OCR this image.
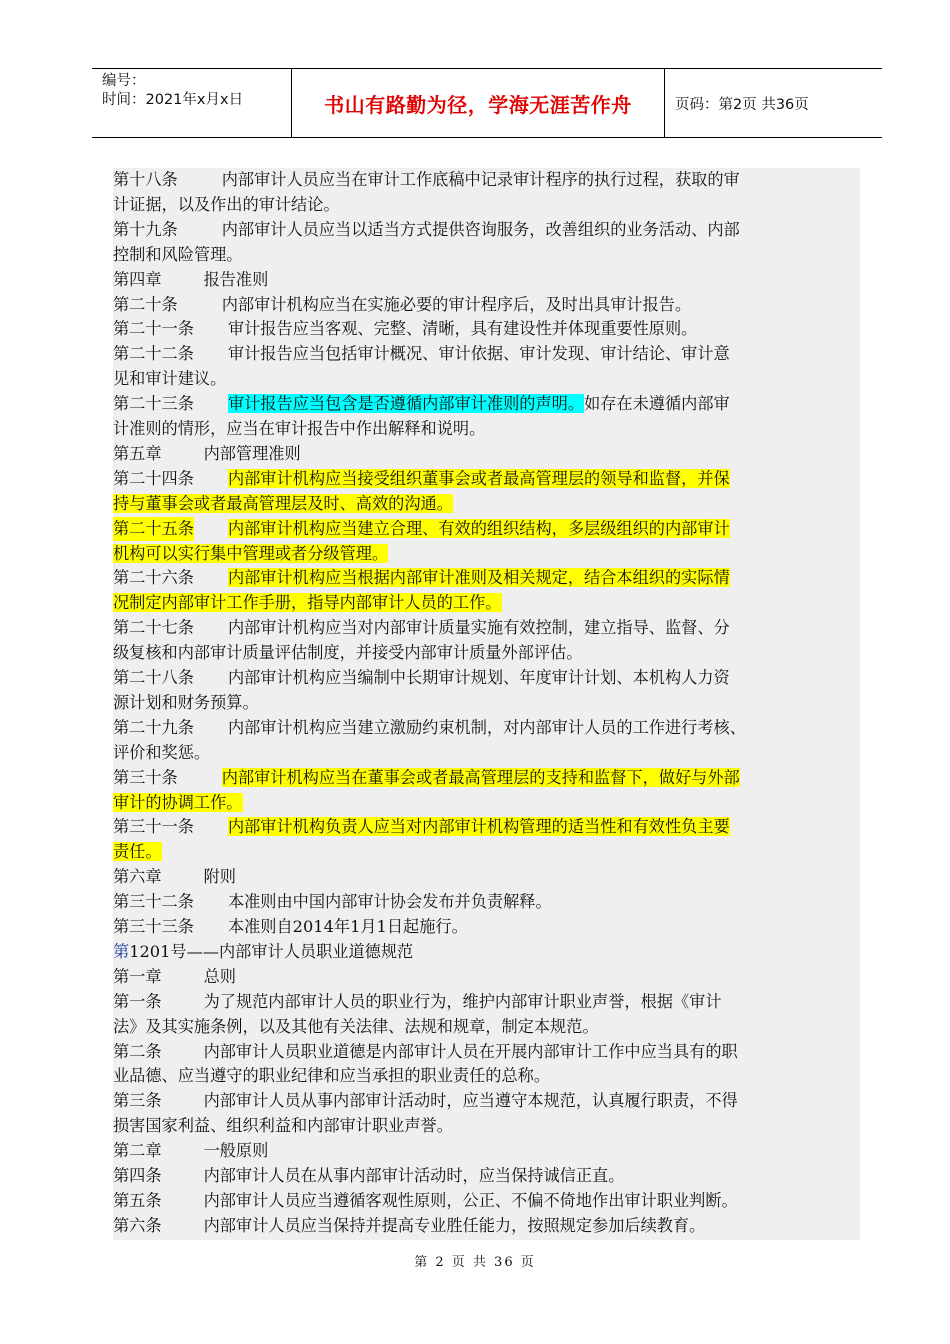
编号：
时间：2021年x月x日	书山有路勤为径，学海无涯苦作舟	页码：第2页 共36页
第十八条	内部审计人员应当在审计工作底稿中记录审计程序的执行过程，获取的审
计证据，以及作出的审计结论。
第十九条	内部审计人员应当以适当方式提供咨询服务，改善组织的业务活动、内部
控制和风险管理。
第四章	报告准则
第二十条	内部审计机构应当在实施必要的审计程序后，及时出具审计报告。
第二十一条 审计报告应当客观、完整、清晰，具有建设性并体现重要性原则。
第二十二条 审计报告应当包括审计概况、审计依据、审计发现、审计结论、审计意
见和审计建议。
第二十三条 审计报告应当包含是否遵循内部审计准则的声明。如存在未遵循内部审
计准则的情形，应当在审计报告中作出解释和说明。
第五章	内部管理准则
第二十四条 内部审计机构应当接受组织董事会或者最高管理层的领导和监督，并保
持与董事会或者最高管理层及时、高效的沟通。
第二十五条 内部审计机构应当建立合理、有效的组织结构，多层级组织的内部审计
机构可以实行集中管理或者分级管理。
第二十六条 内部审计机构应当根据内部审计准则及相关规定，结合本组织的实际情
况制定内部审计工作手册，指导内部审计人员的工作。
第二十七条 内部审计机构应当对内部审计质量实施有效控制，建立指导、监督、分
级复核和内部审计质量评估制度，并接受内部审计质量外部评估。
第二十八条 内部审计机构应当编制中长期审计规划、年度审计计划、本机构人力资
源计划和财务预算。
第二十九条 内部审计机构应当建立激励约束机制，对内部审计人员的工作进行考核、
评价和奖惩。
第三十条	内部审计机构应当在董事会或者最高管理层的支持和监督下，做好与外部
审计的协调工作。
第三十一条 内部审计机构负责人应当对内部审计机构管理的适当性和有效性负主要
责任。
第六章	附则
第三十二条 本准则由中国内部审计协会发布并负责解释。
第三十三条 本准则自2014年1月1日起施行。
第1201号——内部审计人员职业道德规范
第一章	总则
第一条	为了规范内部审计人员的职业行为，维护内部审计职业声誉，根据《审计
法》及其实施条例，以及其他有关法律、法规和规章，制定本规范。
第二条	内部审计人员职业道德是内部审计人员在开展内部审计工作中应当具有的职
业品德、应当遵守的职业纪律和应当承担的职业责任的总称。
第三条	内部审计人员从事内部审计活动时，应当遵守本规范，认真履行职责，不得
损害国家利益、组织利益和内部审计职业声誉。
第二章	一般原则
第四条	内部审计人员在从事内部审计活动时，应当保持诚信正直。
第五条	内部审计人员应当遵循客观性原则，公正、不偏不倚地作出审计职业判断。
第六条	内部审计人员应当保持并提高专业胜任能力，按照规定参加后续教育。
第 2 页 共 36 页
